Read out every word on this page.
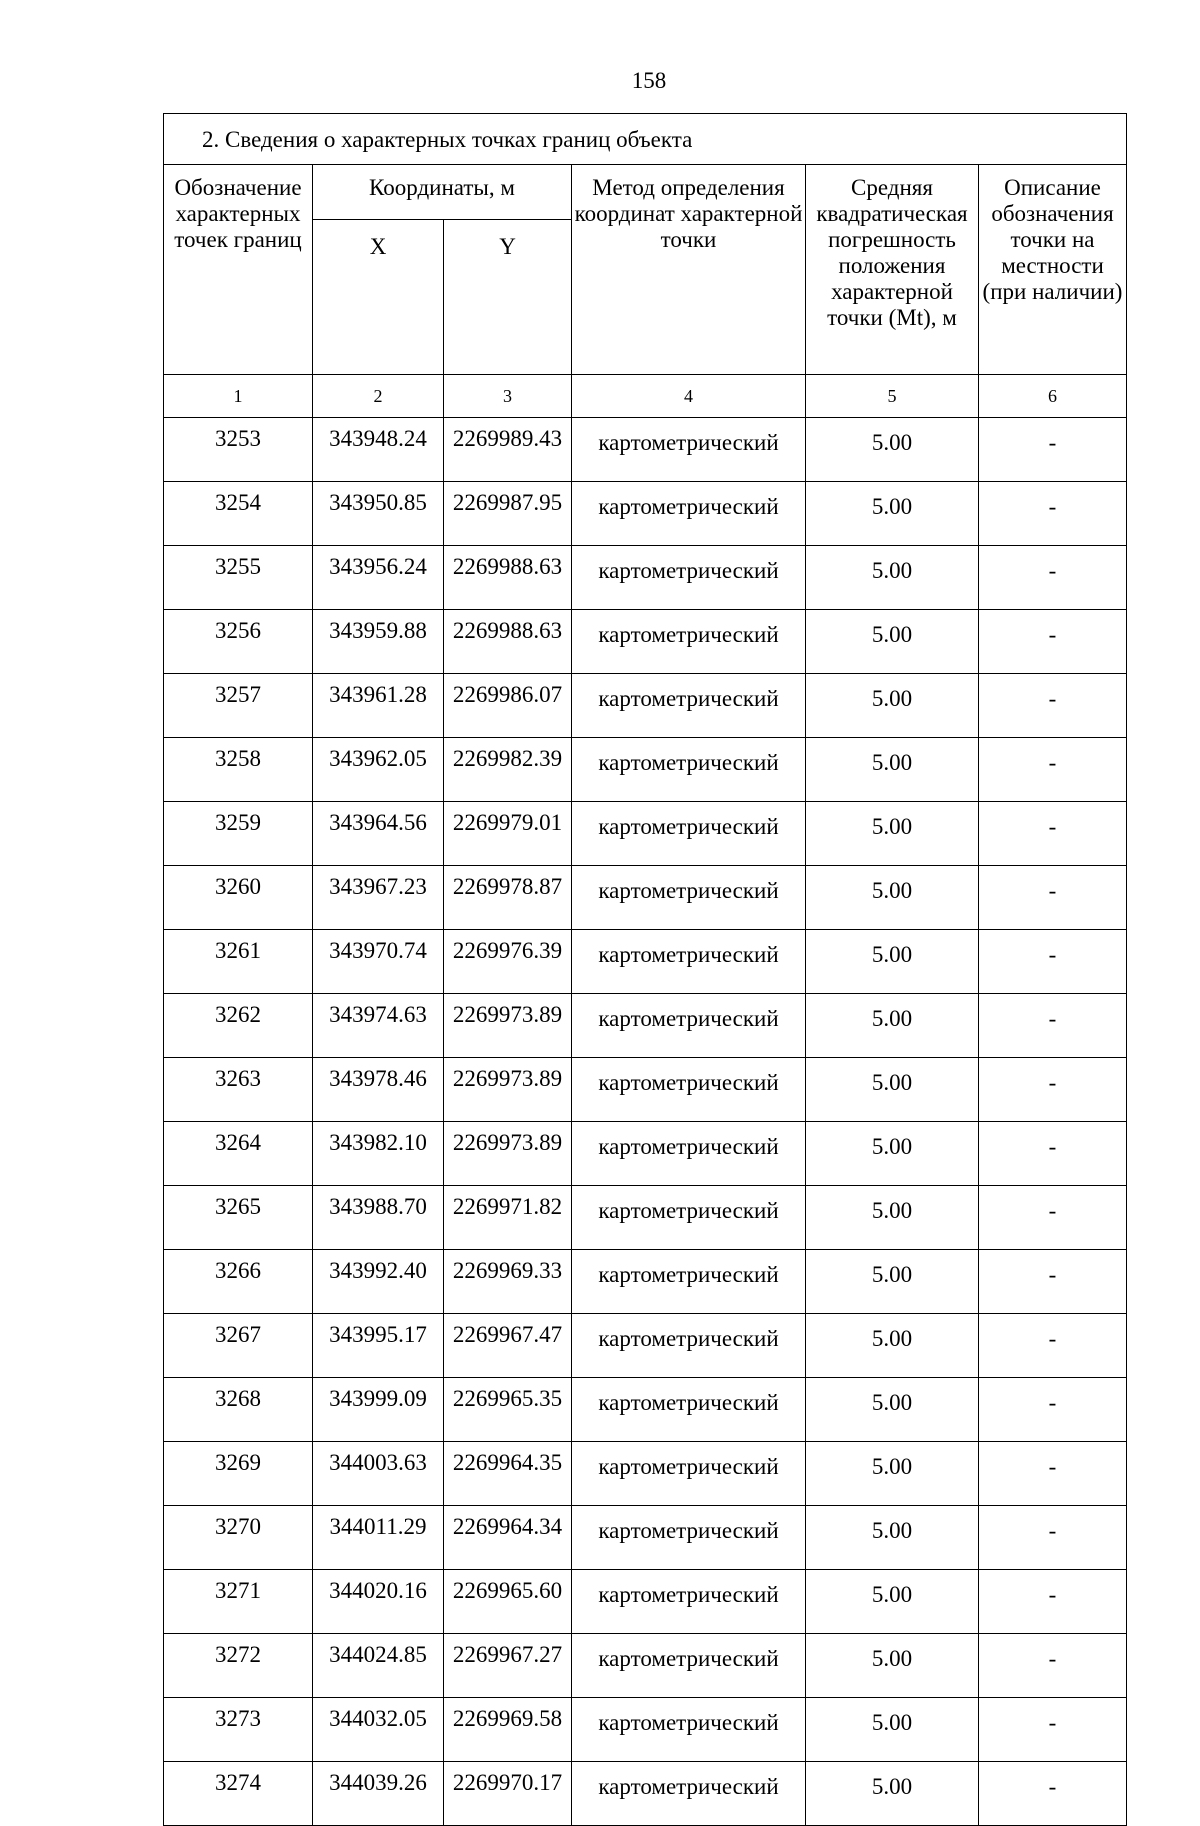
158
2. Сведения о характерных точках границ объекта					
Обозначение характерных точек границ	Координаты, м		Метод определения координат характерной точки	Средняя квадратическая погрешность положения характерной точки (Mt), м	Описание обозначения точки на местности (при наличии)
	X	Y			
1	2	3	4	5	6
3253	343948.24	2269989.43	картометрический	5.00	-
3254	343950.85	2269987.95	картометрический	5.00	-
3255	343956.24	2269988.63	картометрический	5.00	-
3256	343959.88	2269988.63	картометрический	5.00	-
3257	343961.28	2269986.07	картометрический	5.00	-
3258	343962.05	2269982.39	картометрический	5.00	-
3259	343964.56	2269979.01	картометрический	5.00	-
3260	343967.23	2269978.87	картометрический	5.00	-
3261	343970.74	2269976.39	картометрический	5.00	-
3262	343974.63	2269973.89	картометрический	5.00	-
3263	343978.46	2269973.89	картометрический	5.00	-
3264	343982.10	2269973.89	картометрический	5.00	-
3265	343988.70	2269971.82	картометрический	5.00	-
3266	343992.40	2269969.33	картометрический	5.00	-
3267	343995.17	2269967.47	картометрический	5.00	-
3268	343999.09	2269965.35	картометрический	5.00	-
3269	344003.63	2269964.35	картометрический	5.00	-
3270	344011.29	2269964.34	картометрический	5.00	-
3271	344020.16	2269965.60	картометрический	5.00	-
3272	344024.85	2269967.27	картометрический	5.00	-
3273	344032.05	2269969.58	картометрический	5.00	-
3274	344039.26	2269970.17	картометрический	5.00	-
